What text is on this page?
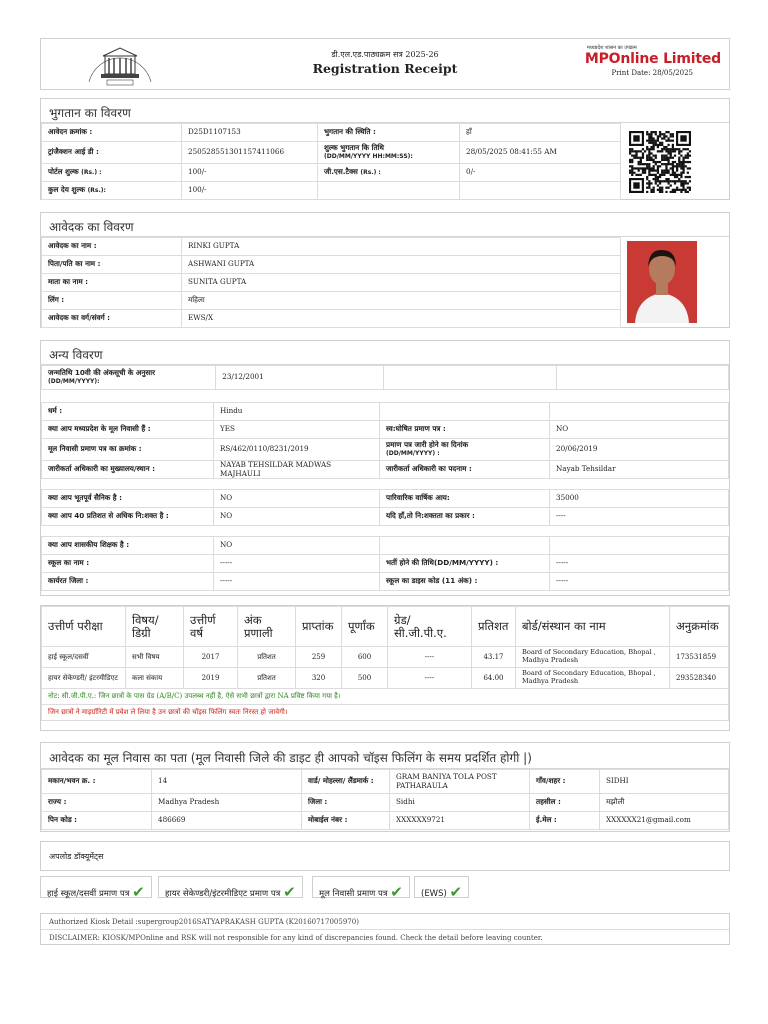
डी.एल.एड.पाठ्यक्रम सत्र 2025-26
Registration Receipt
मध्यप्रदेश शासन का उपक्रम
MPOnline Limited
Print Date: 28/05/2025
भुगतान का विवरण
आवेदन क्रमांक :	D25D1107153	भुगतान की स्थिति :	हाँ
ट्रांजैक्शन आई डी :	250528551301157411066	शुल्क भुगतान कि तिथि
(DD/MM/YYYY HH:MM:SS):	28/05/2025 08:41:55 AM
पोर्टल शुल्क (Rs.) :	100/-	जी.एस.टैक्स (Rs.) :	0/-
कुल देय शुल्क (Rs.):	100/-		
आवेदक का विवरण
आवेदक का नाम :	RINKI GUPTA
पिता/पति का नाम :	ASHWANI GUPTA
माता का नाम :	SUNITA GUPTA
लिंग :	महिला
आवेदक का वर्ग/संवर्ग :	EWS/X
अन्य विवरण
जन्मतिथि 10वी की अंकसूची के अनुसार
(DD/MM/YYYY):	23/12/2001		
धर्म :	Hindu		
क्या आप मध्यप्रदेश के मूल निवासी हैं :	YES	स्व:घोषित प्रमाण पत्र :	NO
मूल निवासी प्रमाण पत्र का क्रमांक :	RS/462/0110/8231/2019	प्रमाण पत्र जारी होने का दिनांक
(DD/MM/YYYY) :	20/06/2019
जारीकर्ता अधिकारी का मुख्यालय/स्थान :	NAYAB TEHSILDAR MADWAS MAJHAULI	जारीकर्ता अधिकारी का पदनाम :	Nayab Tehsildar
क्या आप भूतपूर्व सैनिक है :	NO	पारिवारिक वार्षिक आय:	35000
क्या आप 40 प्रतिशत से अधिक नि:शक्त है :	NO	यदि हाँ,तो नि:शक्तता का प्रकार :	----
क्या आप शासकीय शिक्षक है :	NO		
स्कूल का नाम :	-----	भर्ती होने की तिथि(DD/MM/YYYY) :	-----
कार्यरत जिला :	-----	स्कूल का डाइस कोड (11 अंक) :	-----
उत्तीर्ण परीक्षा	विषय/ डिग्री	उत्तीर्ण वर्ष	अंक प्रणाली	प्राप्तांक	पूर्णांक	ग्रेड/ सी.जी.पी.ए.	प्रतिशत	बोर्ड/संस्थान का नाम	अनुक्रमांक
हाई स्कूल/दसवीं	सभी विषय	2017	प्रतिशत	259	600	----	43.17	Board of Secondary Education, Bhopal , Madhya Pradesh	173531859
हायर सेकेण्डरी/ इंटरमीडिएट	कला संकाय	2019	प्रतिशत	320	500	----	64.00	Board of Secondary Education, Bhopal , Madhya Pradesh	293528340
नोट: सी.जी.पी.ए.: जिन छात्रों के पास ग्रेड (A/B/C) उपलब्ध नहीं है, ऐसे सभी छात्रों द्वारा NA प्रविष्ट किया गया है।									
जिन छात्रों ने माइग्रॉरिटी में प्रवेश ले लिया है उन छात्रों की चॉइस फिलिंग स्वतः निरस्त हो जावेगी।									
आवेदक का मूल निवास का पता (मूल निवासी जिले की डाइट ही आपको चॉइस फिलिंग के समय प्रदर्शित होगी |)
मकान/भवन क्र. :	14	वार्ड/ मोहल्ला/ लैंडमार्क :	GRAM BANIYA TOLA POST PATHARAULA	गाँव/शहर :	SIDHI
राज्य :	Madhya Pradesh	जिला :	Sidhi	तहसील :	मझौली
पिन कोड :	486669	मोबाईल नंबर :	XXXXXX9721	ई.मेल :	XXXXXX21@gmail.com
अपलोड डॉक्यूमेंट्स
हाई स्कूल/दसवीं प्रमाण पत्र ✔	हायर सेकेण्डरी/इंटरमीडिएट प्रमाण पत्र ✔	मूल निवासी प्रमाण पत्र ✔	(EWS) ✔
Authorized Kiosk Detail :supergroup2016SATYAPRAKASH GUPTA (K20160717005970)
DISCLAIMER: KIOSK/MPOnline and RSK will not responsible for any kind of discrepancies found. Check the detail before leaving counter.
